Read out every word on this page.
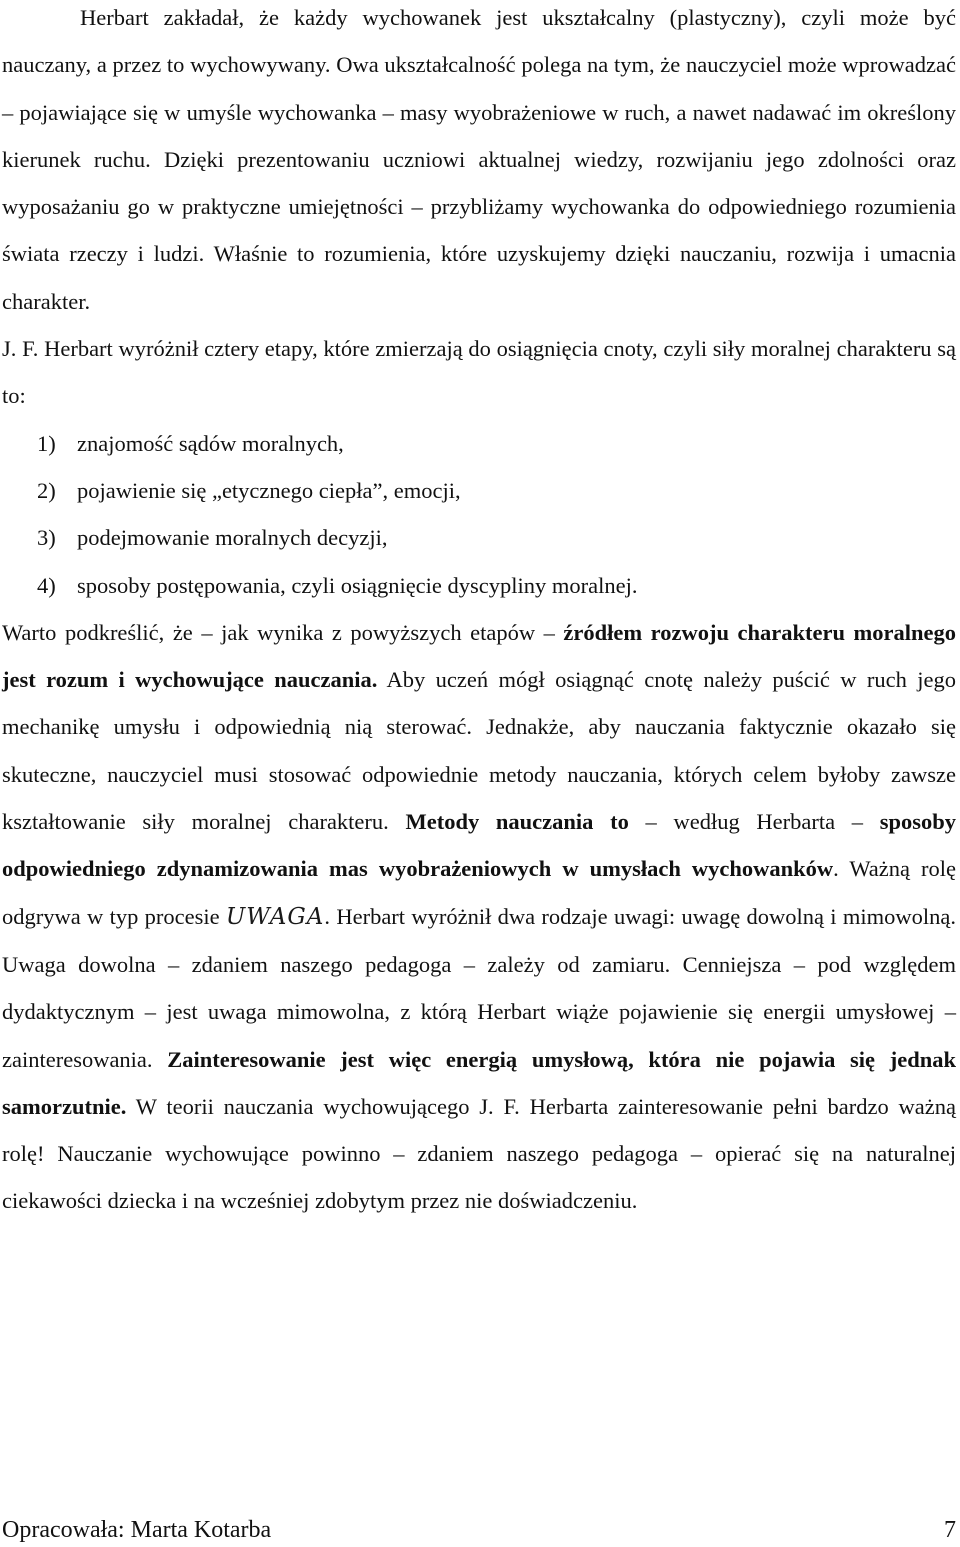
Herbart zakładał, że każdy wychowanek jest ukształcalny (plastyczny), czyli może być nauczany, a przez to wychowywany. Owa ukształcalność polega na tym, że nauczyciel może wprowadzać – pojawiające się w umyśle wychowanka – masy wyobrażeniowe w ruch, a nawet nadawać im określony kierunek ruchu. Dzięki prezentowaniu uczniowi aktualnej wiedzy, rozwijaniu jego zdolności oraz wyposażaniu go w praktyczne umiejętności – przybliżamy wychowanka do odpowiedniego rozumienia świata rzeczy i ludzi. Właśnie to rozumienia, które uzyskujemy dzięki nauczaniu, rozwija i umacnia charakter.

J. F. Herbart wyróżnił cztery etapy, które zmierzają do osiągnięcia cnoty, czyli siły moralnej charakteru są to:

1) znajomość sądów moralnych,
2) pojawienie się „etycznego ciepła”, emocji,
3) podejmowanie moralnych decyzji,
4) sposoby postępowania, czyli osiągnięcie dyscypliny moralnej.

Warto podkreślić, że – jak wynika z powyższych etapów – źródłem rozwoju charakteru moralnego jest rozum i wychowujące nauczania. Aby uczeń mógł osiągnąć cnotę należy puścić w ruch jego mechanikę umysłu i odpowiednią nią sterować. Jednakże, aby nauczania faktycznie okazało się skuteczne, nauczyciel musi stosować odpowiednie metody nauczania, których celem byłoby zawsze kształtowanie siły moralnej charakteru. Metody nauczania to – według Herbarta – sposoby odpowiedniego zdynamizowania mas wyobrażeniowych w umysłach wychowanków. Ważną rolę odgrywa w typ procesie UWAGA. Herbart wyróżnił dwa rodzaje uwagi: uwagę dowolną i mimowolną. Uwaga dowolna – zdaniem naszego pedagoga – zależy od zamiaru. Cenniejsza – pod względem dydaktycznym – jest uwaga mimowolna, z którą Herbart wiąże pojawienie się energii umysłowej – zainteresowania. Zainteresowanie jest więc energią umysłową, która nie pojawia się jednak samorzutnie. W teorii nauczania wychowującego J. F. Herbarta zainteresowanie pełni bardzo ważną rolę! Nauczanie wychowujące powinno – zdaniem naszego pedagoga – opierać się na naturalnej ciekawości dziecka i na wcześniej zdobytym przez nie doświadczeniu.

Opracowała: Marta Kotarba	7
